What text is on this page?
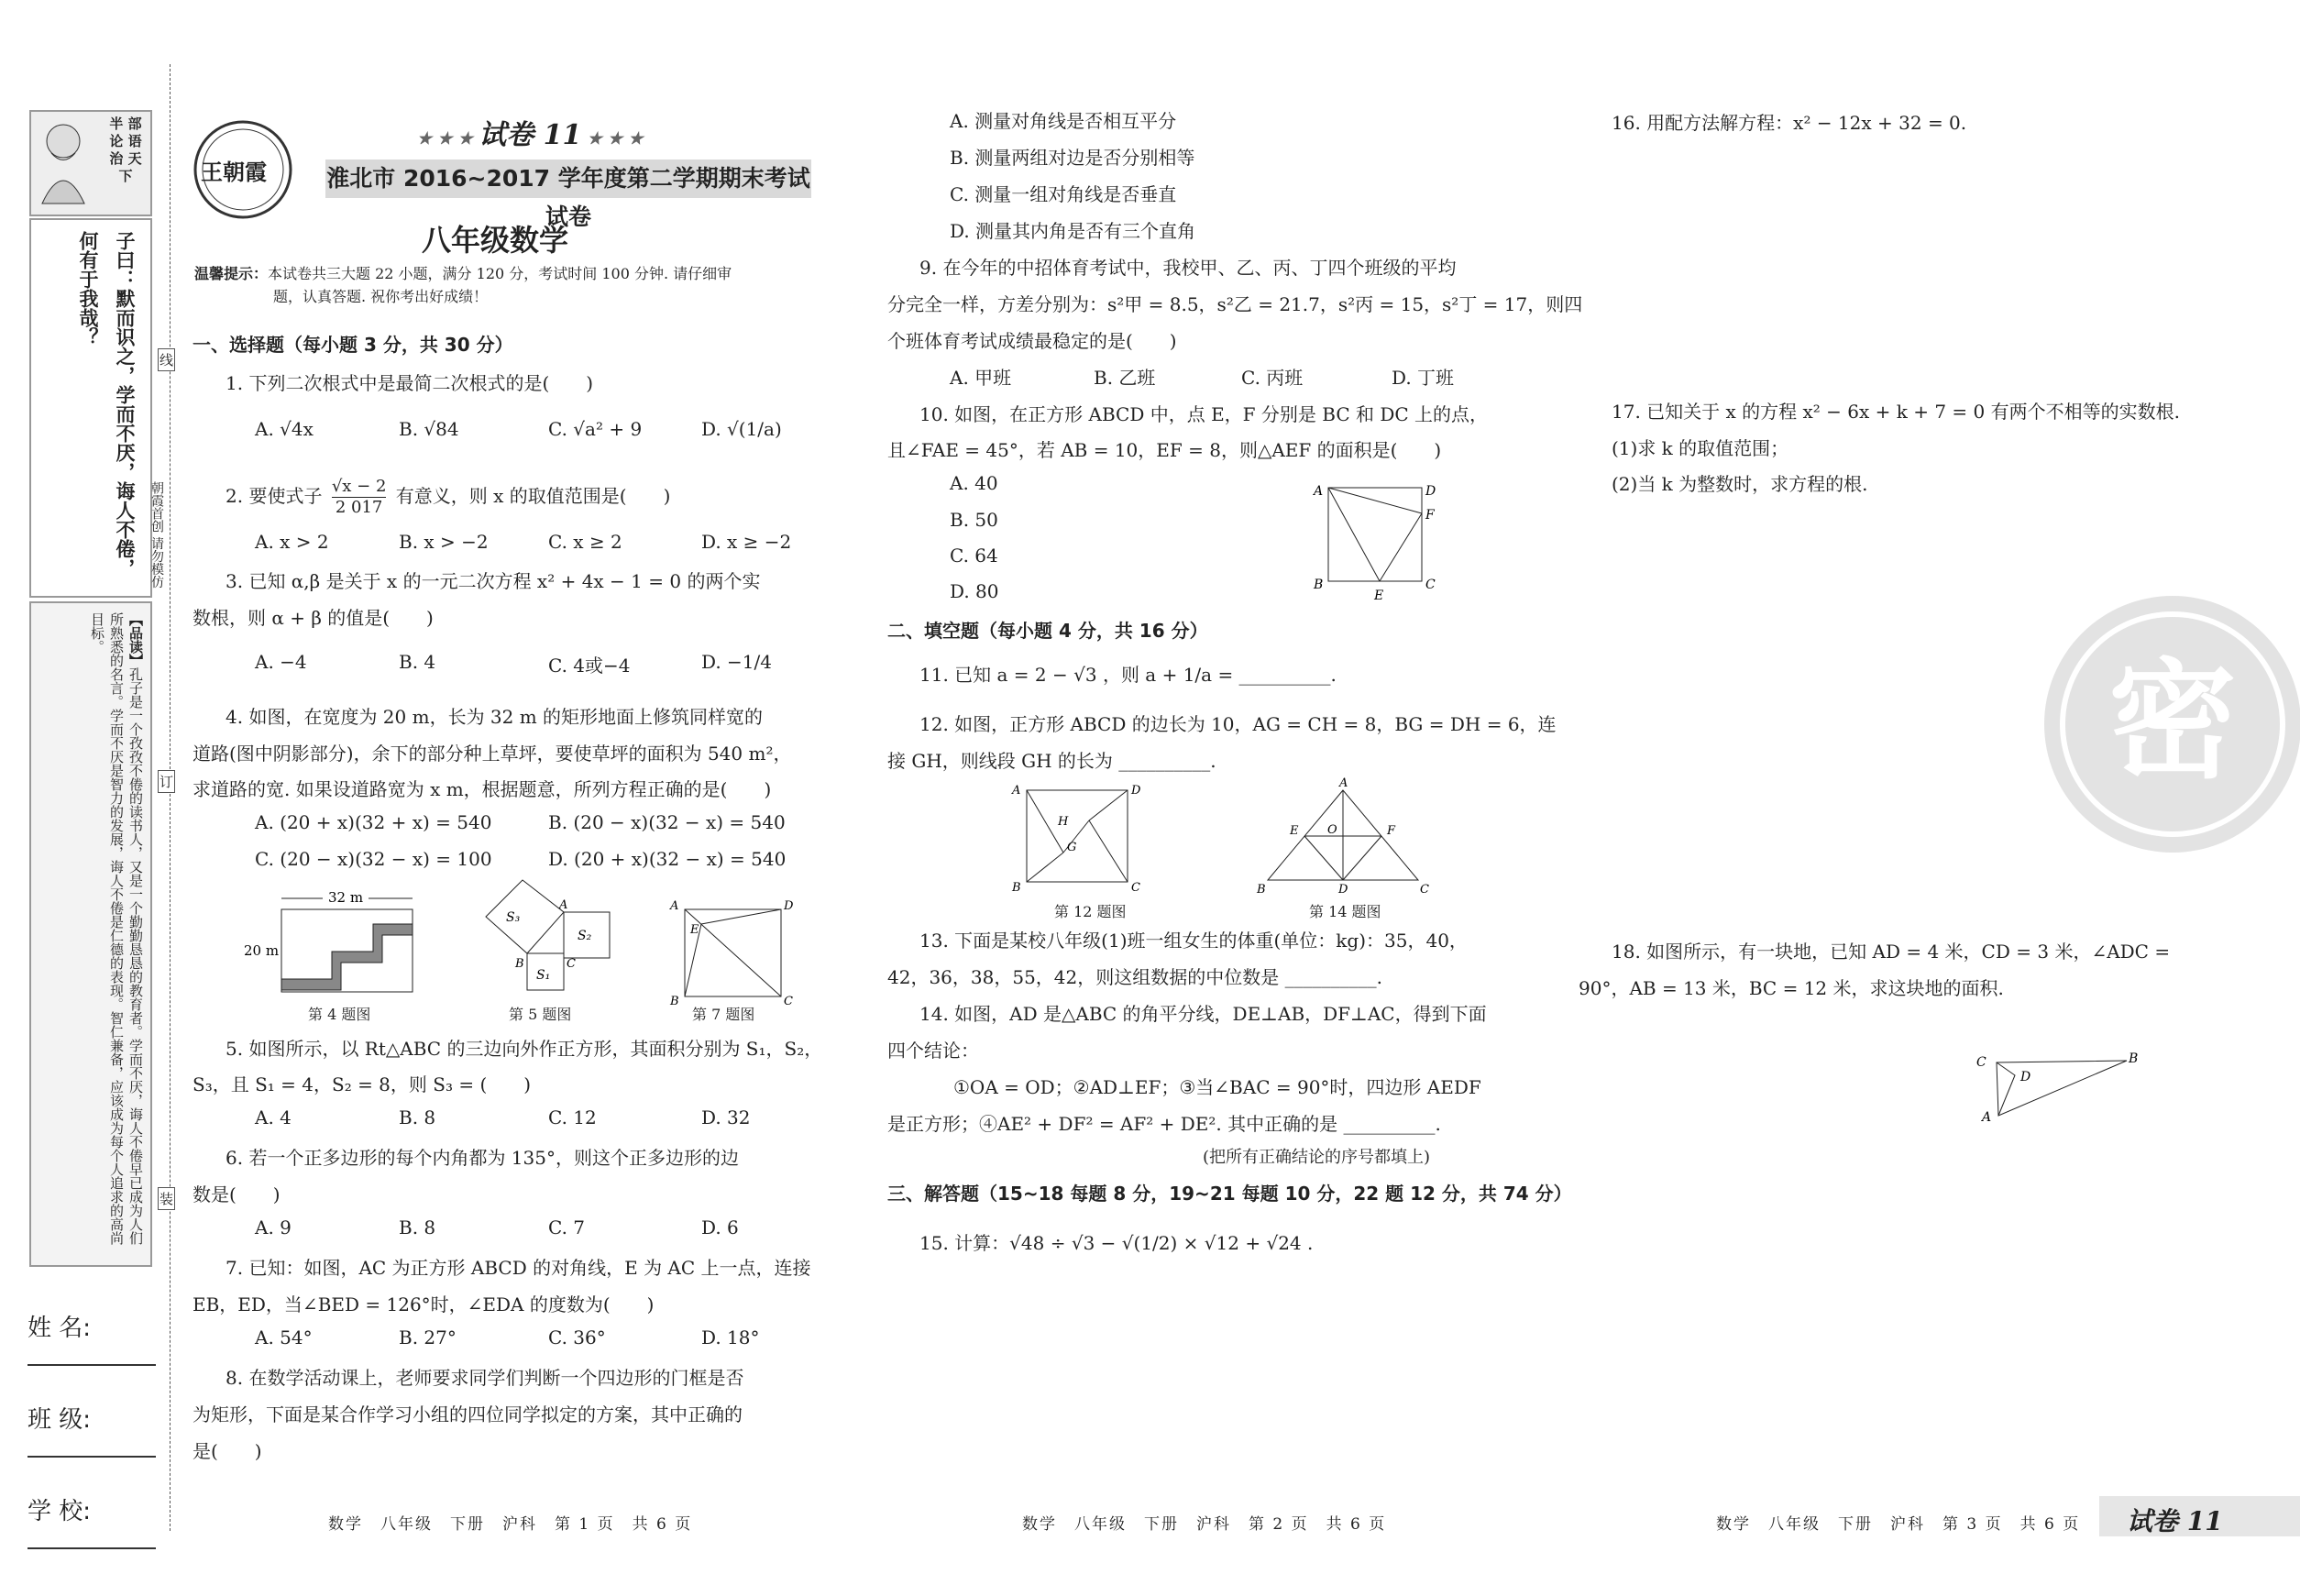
半 部
论 语
治 天 下
子曰：默而识之，学而不厌，诲人不倦，何有于我哉？
【品读】孔子是一个孜孜不倦的读书人，又是一个勤勤恳恳的教育者。学而不厌，诲人不倦早已成为人们所熟悉的名言。学而不厌是智力的发展，诲人不倦是仁德的表现。智仁兼备，应该成为每个人追求的高尚目标。
姓 名:
班 级:
学 校:
线
订
装
朝霞首创 请勿模仿
王朝霞
★ ★ ★ 试卷 11 ★ ★ ★
淮北市 2016~2017 学年度第二学期期末考试试卷
八年级数学
温馨提示：本试卷共三大题 22 小题，满分 120 分，考试时间 100 分钟. 请仔细审
题，认真答题. 祝你考出好成绩！
一、选择题（每小题 3 分，共 30 分）
1. 下列二次根式中是最简二次根式的是(　　)
A. √4x	B. √84	C. √a² + 9	D. √(1/a)
2. 要使式子 $\frac{√x - 2}{2 017}$ 有意义，则 x 的取值范围是(　　)
A. x > 2	B. x > −2	C. x ≥ 2	D. x ≥ −2
3. 已知 α,β 是关于 x 的一元二次方程 x² + 4x − 1 = 0 的两个实
数根，则 α + β 的值是(　　)
A. −4	B. 4	C. 4或−4	D. −1/4
4. 如图，在宽度为 20 m，长为 32 m 的矩形地面上修筑同样宽的
道路(图中阴影部分)，余下的部分种上草坪，要使草坪的面积为 540 m²，
求道路的宽. 如果设道路宽为 x m，根据题意，所列方程正确的是(　　)
A. (20 + x)(32 + x) = 540	B. (20 − x)(32 − x) = 540
C. (20 − x)(32 − x) = 100	D. (20 + x)(32 − x) = 540
32 m
20 m
第 4 题图
S₃
S₂
S₁
A
B	C
第 5 题图
A	D
E
B	C
第 7 题图
5. 如图所示，以 Rt△ABC 的三边向外作正方形，其面积分别为 S₁，S₂，
S₃，且 S₁ = 4，S₂ = 8，则 S₃ = (　　)
A. 4	B. 8	C. 12	D. 32
6. 若一个正多边形的每个内角都为 135°，则这个正多边形的边
数是(　　)
A. 9	B. 8	C. 7	D. 6
7. 已知：如图，AC 为正方形 ABCD 的对角线，E 为 AC 上一点，连接
EB，ED，当∠BED = 126°时，∠EDA 的度数为(　　)
A. 54°	B. 27°	C. 36°	D. 18°
8. 在数学活动课上，老师要求同学们判断一个四边形的门框是否
为矩形，下面是某合作学习小组的四位同学拟定的方案，其中正确的
是(　　)
数学　八年级　下册　沪科　第 1 页　共 6 页
A. 测量对角线是否相互平分
B. 测量两组对边是否分别相等
C. 测量一组对角线是否垂直
D. 测量其内角是否有三个直角
9. 在今年的中招体育考试中，我校甲、乙、丙、丁四个班级的平均
分完全一样，方差分别为：s²甲 = 8.5，s²乙 = 21.7，s²丙 = 15，s²丁 = 17，则四
个班体育考试成绩最稳定的是(　　)
A. 甲班	B. 乙班	C. 丙班	D. 丁班
10. 如图，在正方形 ABCD 中，点 E，F 分别是 BC 和 DC 上的点，
且∠FAE = 45°，若 AB = 10，EF = 8，则△AEF 的面积是(　　)
A. 40
B. 50
C. 64
D. 80
A	D
F
B	C
E
二、填空题（每小题 4 分，共 16 分）
11. 已知 a = 2 − √3 ，则 a + 1/a = __________.
12. 如图，正方形 ABCD 的边长为 10，AG = CH = 8，BG = DH = 6，连
接 GH，则线段 GH 的长为 __________.
A	D
B	C
H
G
第 12 题图
A
E O	F
B	D	C
第 14 题图
13. 下面是某校八年级(1)班一组女生的体重(单位：kg)：35，40，
42，36，38，55，42，则这组数据的中位数是 __________.
14. 如图，AD 是△ABC 的角平分线，DE⊥AB，DF⊥AC，得到下面
四个结论：
①OA = OD；②AD⊥EF；③当∠BAC = 90°时，四边形 AEDF
是正方形；④AE² + DF² = AF² + DE². 其中正确的是 __________.
(把所有正确结论的序号都填上)
三、解答题（15~18 每题 8 分，19~21 每题 10 分，22 题 12 分，共 74 分）
15. 计算：√48 ÷ √3 − √(1/2) × √12 + √24 .
数学　八年级　下册　沪科　第 2 页　共 6 页
16. 用配方法解方程：x² − 12x + 32 = 0.
17. 已知关于 x 的方程 x² − 6x + k + 7 = 0 有两个不相等的实数根.
(1)求 k 的取值范围；
(2)当 k 为整数时，求方程的根.
密
18. 如图所示，有一块地，已知 AD = 4 米，CD = 3 米，∠ADC =
90°，AB = 13 米，BC = 12 米，求这块地的面积.
C	B
D
A
数学　八年级　下册　沪科　第 3 页　共 6 页 试卷 11
